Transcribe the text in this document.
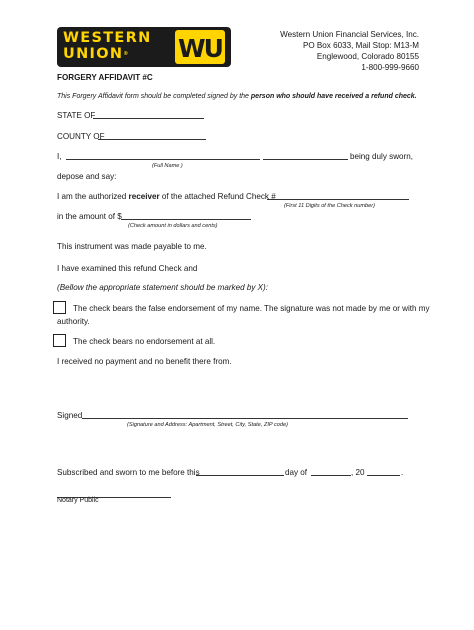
WESTERN
UNION®	WU	Western Union Financial Services, Inc.
PO Box 6033, Mail Stop: M13-M
Englewood, Colorado 80155
1-800-999-9660
FORGERY AFFIDAVIT #C
This Forgery Affidavit form should be completed signed by the person who should have received a refund check.
STATE OF
COUNTY OF
I,	being duly sworn,
(Full Name )
depose and say:
I am the authorized receiver of the attached Refund Check #
(First 11 Digits of the Check number)
in the amount of $
(Check amount in dollars and cents)
This instrument was made payable to me.
I have examined this refund Check and
(Bellow the appropriate statement should be marked by X):
The check bears the false endorsement of my name. The signature was not made by me or with my
authority.
The check bears no endorsement at all.
I received no payment and no benefit there from.
Signed
(Signature and Address: Apartment, Street, City, State, ZIP code)
Subscribed and sworn to me before this	day of	, 20	.
Notary Public
